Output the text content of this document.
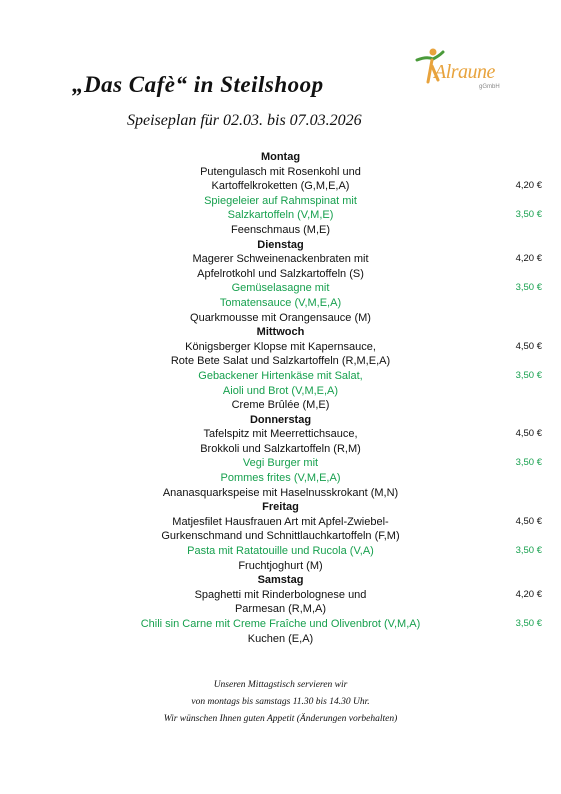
„Das Cafè“ in Steilshoop
Speiseplan für 02.03. bis 07.03.2026
Alraune
gGmbH
Montag
Putengulasch mit Rosenkohl und
Kartoffelkroketten (G,M,E,A)	4,20 €
Spiegeleier auf Rahmspinat mit
Salzkartoffeln (V,M,E)	3,50 €
Feenschmaus (M,E)
Dienstag
Magerer Schweinenackenbraten mit	4,20 €
Apfelrotkohl und Salzkartoffeln (S)
Gemüselasagne mit	3,50 €
Tomatensauce (V,M,E,A)
Quarkmousse mit Orangensauce (M)
Mittwoch
Königsberger Klopse mit Kapernsauce,	4,50 €
Rote Bete Salat und Salzkartoffeln (R,M,E,A)
Gebackener Hirtenkäse mit Salat,	3,50 €
Aioli und Brot (V,M,E,A)
Creme Brûlée (M,E)
Donnerstag
Tafelspitz mit Meerrettichsauce,	4,50 €
Brokkoli und Salzkartoffeln (R,M)
Vegi Burger mit	3,50 €
Pommes frites (V,M,E,A)
Ananasquarkspeise mit Haselnusskrokant (M,N)
Freitag
Matjesfilet Hausfrauen Art mit Apfel-Zwiebel-	4,50 €
Gurkenschmand und Schnittlauchkartoffeln (F,M)
Pasta mit Ratatouille und Rucola (V,A)	3,50 €
Fruchtjoghurt (M)
Samstag
Spaghetti mit Rinderbolognese und	4,20 €
Parmesan (R,M,A)
Chili sin Carne mit Creme Fraîche und Olivenbrot (V,M,A)	3,50 €
Kuchen (E,A)
Unseren Mittagstisch servieren wir
von montags bis samstags 11.30 bis 14.30 Uhr.
Wir wünschen Ihnen guten Appetit (Änderungen vorbehalten)
